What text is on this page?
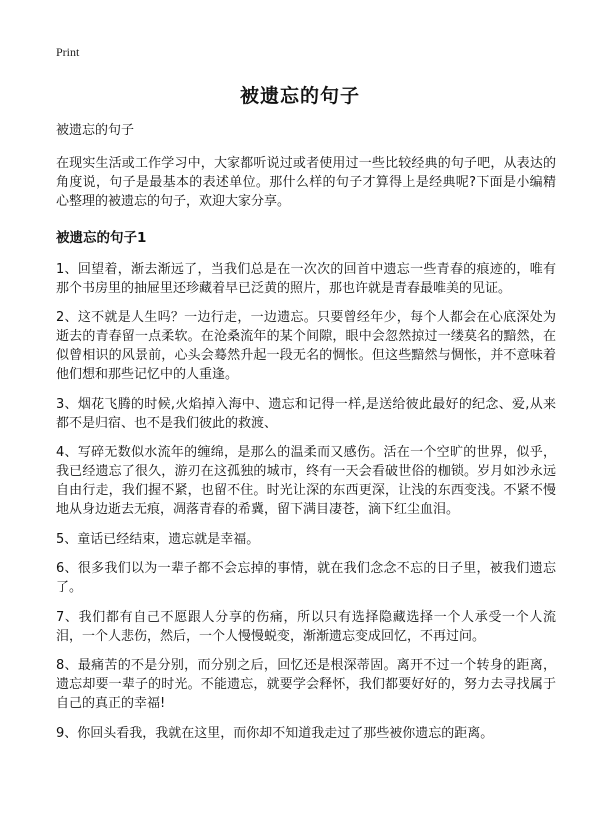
Print
被遗忘的句子

被遗忘的句子

在现实生活或工作学习中，大家都听说过或者使用过一些比较经典的句子吧，从表达的角度说，句子是最基本的表述单位。那什么样的句子才算得上是经典呢?下面是小编精心整理的被遗忘的句子，欢迎大家分享。

被遗忘的句子1

1、回望着，渐去渐远了，当我们总是在一次次的回首中遗忘一些青春的痕迹的，唯有那个书房里的抽屉里还珍藏着早已泛黄的照片，那也许就是青春最唯美的见证。

2、这不就是人生吗？一边行走，一边遗忘。只要曾经年少，每个人都会在心底深处为逝去的青春留一点柔软。在沧桑流年的某个间隙，眼中会忽然掠过一缕莫名的黯然，在似曾相识的风景前，心头会蓦然升起一段无名的惆怅。但这些黯然与惆怅，并不意味着他们想和那些记忆中的人重逢。

3、烟花飞腾的时候,火焰掉入海中、遗忘和记得一样,是送给彼此最好的纪念、爱,从来都不是归宿、也不是我们彼此的救渡、

4、写碎无数似水流年的缠绵，是那么的温柔而又感伤。活在一个空旷的世界，似乎，我已经遗忘了很久，游刃在这孤独的城市，终有一天会看破世俗的枷锁。岁月如沙永远自由行走，我们握不紧，也留不住。时光让深的东西更深，让浅的东西变浅。不紧不慢地从身边逝去无痕，凋落青春的希冀，留下满目凄苍，滴下红尘血泪。

5、童话已经结束，遗忘就是幸福。

6、很多我们以为一辈子都不会忘掉的事情，就在我们念念不忘的日子里，被我们遗忘了。

7、我们都有自己不愿跟人分享的伤痛，所以只有选择隐藏选择一个人承受一个人流泪，一个人悲伤，然后，一个人慢慢蜕变，渐渐遗忘变成回忆，不再过问。

8、最痛苦的不是分别，而分别之后，回忆还是根深蒂固。离开不过一个转身的距离，遗忘却要一辈子的时光。不能遗忘，就要学会释怀，我们都要好好的，努力去寻找属于自己的真正的幸福!

9、你回头看我，我就在这里，而你却不知道我走过了那些被你遗忘的距离。
